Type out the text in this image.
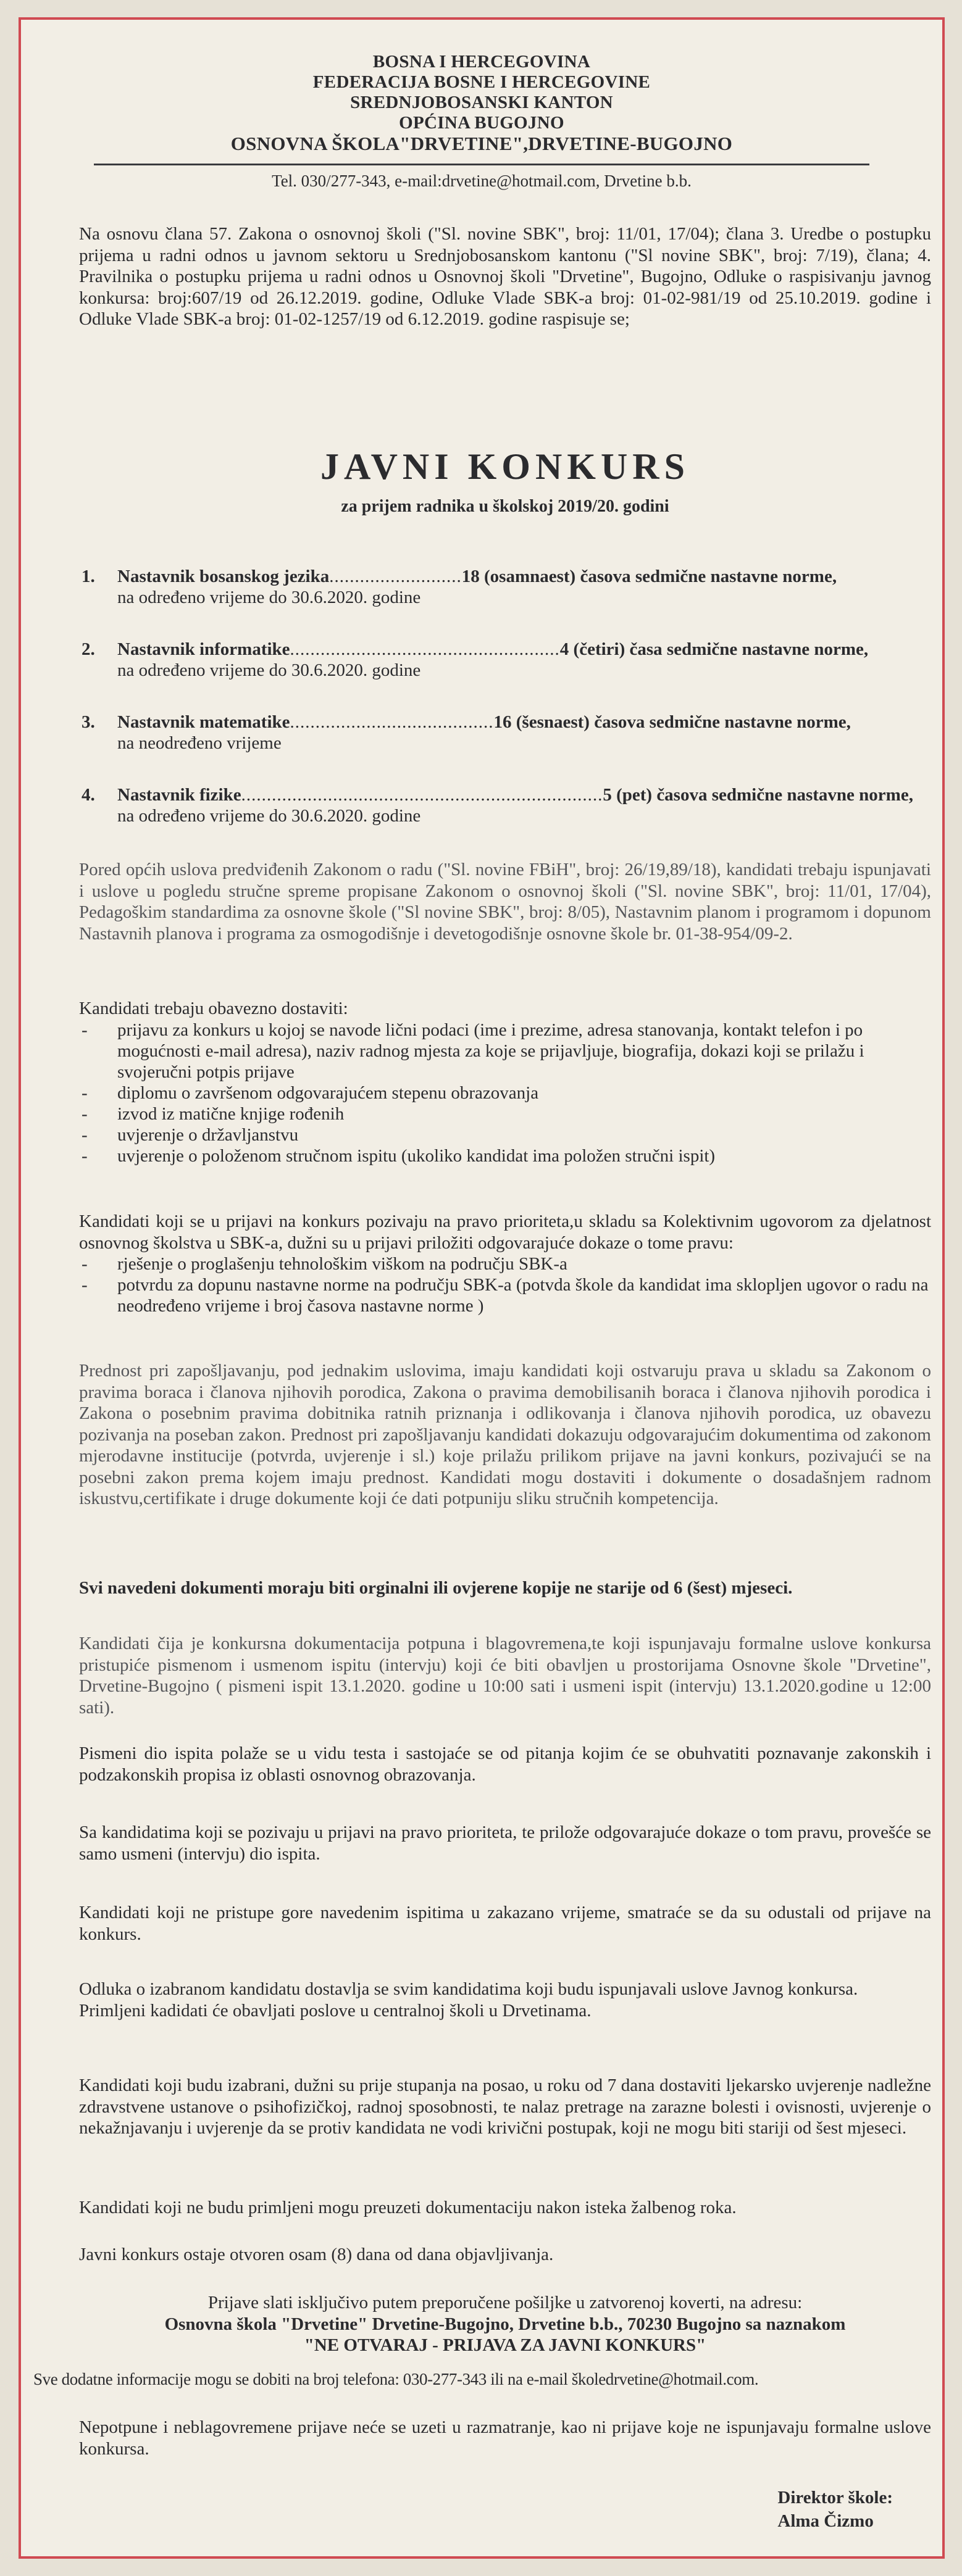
BOSNA I HERCEGOVINA
FEDERACIJA BOSNE I HERCEGOVINE
SREDNJOBOSANSKI KANTON
OPĆINA BUGOJNO
OSNOVNA ŠKOLA"DRVETINE",DRVETINE-BUGOJNO
Tel. 030/277-343, e-mail:drvetine@hotmail.com, Drvetine b.b.

Na osnovu člana 57. Zakona o osnovnoj školi ("Sl. novine SBK", broj: 11/01, 17/04); člana 3. Uredbe o postupku prijema u radni odnos u javnom sektoru u Srednjobosanskom kantonu ("Sl novine SBK", broj: 7/19), člana; 4. Pravilnika o postupku prijema u radni odnos u Osnovnoj školi "Drvetine", Bugojno, Odluke o raspisivanju javnog konkursa: broj:607/19 od 26.12.2019. godine, Odluke Vlade SBK-a broj: 01-02-981/19 od 25.10.2019. godine i Odluke Vlade SBK-a broj: 01-02-1257/19 od 6.12.2019. godine raspisuje se;

JAVNI KONKURS

za prijem radnika u školskoj 2019/20. godini
1. Nastavnik bosanskog jezika..........................18 (osamnaest) časova sedmične nastavne norme,
na određeno vrijeme do 30.6.2020. godine
2. Nastavnik informatike.....................................................4 (četiri) časa sedmične nastavne norme,
na određeno vrijeme do 30.6.2020. godine
3. Nastavnik matematike........................................16 (šesnaest) časova sedmične nastavne norme,
na neodređeno vrijeme
4. Nastavnik fizike.......................................................................5 (pet) časova sedmične nastavne norme,
na određeno vrijeme do 30.6.2020. godine

Pored općih uslova predviđenih Zakonom o radu ("Sl. novine FBiH", broj: 26/19,89/18), kandidati trebaju ispunjavati i uslove u pogledu stručne spreme propisane Zakonom o osnovnoj školi ("Sl. novine SBK", broj: 11/01, 17/04), Pedagoškim standardima za osnovne škole ("Sl novine SBK", broj: 8/05), Nastavnim planom i programom i dopunom Nastavnih planova i programa za osmogodišnje i devetogodišnje osnovne škole br. 01-38-954/09-2.

Kandidati trebaju obavezno dostaviti:

- prijavu za konkurs u kojoj se navode lični podaci (ime i prezime, adresa stanovanja, kontakt telefon i po mogućnosti e-mail adresa), naziv radnog mjesta za koje se prijavljuje, biografija, dokazi koji se prilažu i svojeručni potpis prijave
- diplomu o završenom odgovarajućem stepenu obrazovanja
- izvod iz matične knjige rođenih
- uvjerenje o državljanstvu
- uvjerenje o položenom stručnom ispitu (ukoliko kandidat ima položen stručni ispit)

Kandidati koji se u prijavi na konkurs pozivaju na pravo prioriteta,u skladu sa Kolektivnim ugovorom za djelatnost osnovnog školstva u SBK-a, dužni su u prijavi priložiti odgovarajuće dokaze o tome pravu:

- rješenje o proglašenju tehnološkim viškom na području SBK-a
- potvrdu za dopunu nastavne norme na području SBK-a (potvda škole da kandidat ima sklopljen ugovor o radu na neodređeno vrijeme i broj časova nastavne norme )

Prednost pri zapošljavanju, pod jednakim uslovima, imaju kandidati koji ostvaruju prava u skladu sa Zakonom o pravima boraca i članova njihovih porodica, Zakona o pravima demobilisanih boraca i članova njihovih porodica i Zakona o posebnim pravima dobitnika ratnih priznanja i odlikovanja i članova njihovih porodica, uz obavezu pozivanja na poseban zakon. Prednost pri zapošljavanju kandidati dokazuju odgovarajućim dokumentima od zakonom mjerodavne institucije (potvrda, uvjerenje i sl.) koje prilažu prilikom prijave na javni konkurs, pozivajući se na posebni zakon prema kojem imaju prednost. Kandidati mogu dostaviti i dokumente o dosadašnjem radnom iskustvu,certifikate i druge dokumente koji će dati potpuniju sliku stručnih kompetencija.

Svi navedeni dokumenti moraju biti orginalni ili ovjerene kopije ne starije od 6 (šest) mjeseci.

Kandidati čija je konkursna dokumentacija potpuna i blagovremena,te koji ispunjavaju formalne uslove konkursa pristupiće pismenom i usmenom ispitu (intervju) koji će biti obavljen u prostorijama Osnovne škole "Drvetine", Drvetine-Bugojno ( pismeni ispit 13.1.2020. godine u 10:00 sati i usmeni ispit (intervju) 13.1.2020.godine u 12:00 sati).

Pismeni dio ispita polaže se u vidu testa i sastojaće se od pitanja kojim će se obuhvatiti poznavanje zakonskih i podzakonskih propisa iz oblasti osnovnog obrazovanja.

Sa kandidatima koji se pozivaju u prijavi na pravo prioriteta, te prilože odgovarajuće dokaze o tom pravu, provešće se samo usmeni (intervju) dio ispita.

Kandidati koji ne pristupe gore navedenim ispitima u zakazano vrijeme, smatraće se da su odustali od prijave na konkurs.

Odluka o izabranom kandidatu dostavlja se svim kandidatima koji budu ispunjavali uslove Javnog konkursa.

Primljeni kadidati će obavljati poslove u centralnoj školi u Drvetinama.

Kandidati koji budu izabrani, dužni su prije stupanja na posao, u roku od 7 dana dostaviti ljekarsko uvjerenje nadležne zdravstvene ustanove o psihofizičkoj, radnoj sposobnosti, te nalaz pretrage na zarazne bolesti i ovisnosti, uvjerenje o nekažnjavanju i uvjerenje da se protiv kandidata ne vodi krivični postupak, koji ne mogu biti stariji od šest mjeseci.

Kandidati koji ne budu primljeni mogu preuzeti dokumentaciju nakon isteka žalbenog roka.

Javni konkurs ostaje otvoren osam (8) dana od dana objavljivanja.

Prijave slati isključivo putem preporučene pošiljke u zatvorenoj koverti, na adresu:

Osnovna škola "Drvetine" Drvetine-Bugojno, Drvetine b.b., 70230 Bugojno sa naznakom

"NE OTVARAJ - PRIJAVA ZA JAVNI KONKURS"

Sve dodatne informacije mogu se dobiti na broj telefona: 030-277-343 ili na e-mail školedrvetine@hotmail.com.

Nepotpune i neblagovremene prijave neće se uzeti u razmatranje, kao ni prijave koje ne ispunjavaju formalne uslove konkursa.

Direktor škole:
Alma Čizmo
